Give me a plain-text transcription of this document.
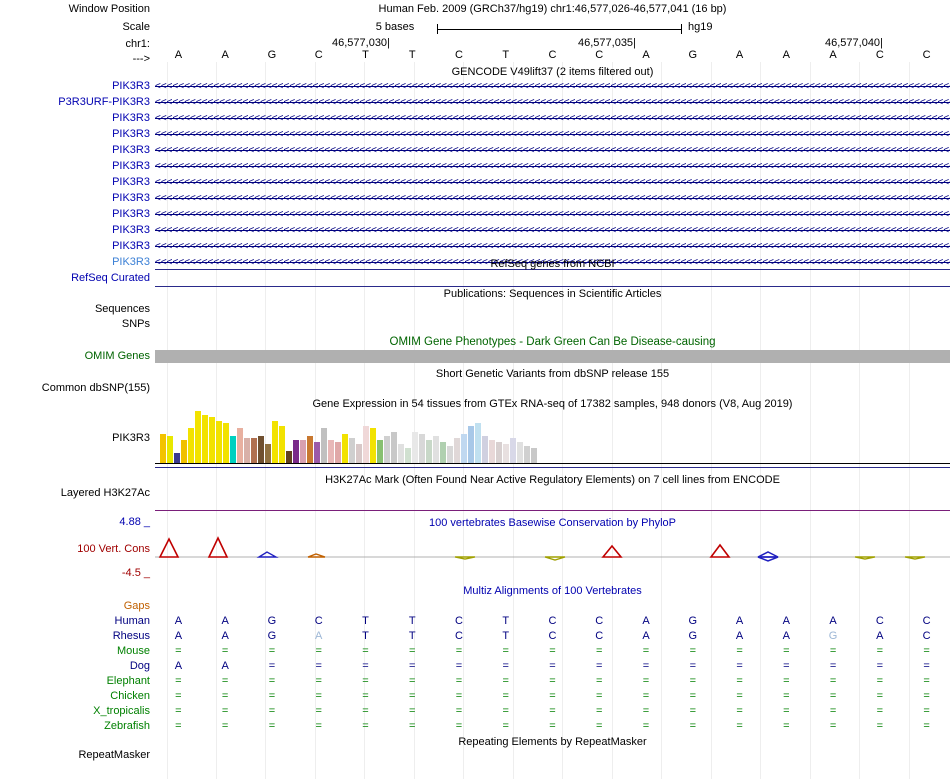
Window Position
Scale
chr1:
--->
Human Feb. 2009 (GRCh37/hg19) chr1:46,577,026-46,577,041 (16 bp)
5 bases	hg19
46,577,030|	46,577,035|	46,577,040|
A	A	G	C	T	T	C	T	C	C	A	G	A	A	A	C	C
GENCODE V49lift37 (2 items filtered out)
PIK3R3
P3R3URF-PIK3R3
PIK3R3
PIK3R3
PIK3R3
PIK3R3
PIK3R3
PIK3R3
PIK3R3
PIK3R3
PIK3R3
PIK3R3
RefSeq Curated
RefSeq genes from NCBI
Publications: Sequences in Scientific Articles
Sequences
SNPs
OMIM Gene Phenotypes - Dark Green Can Be Disease-causing
OMIM Genes
Short Genetic Variants from dbSNP release 155
Common dbSNP(155)
Gene Expression in 54 tissues from GTEx RNA-seq of 17382 samples, 948 donors (V8, Aug 2019)
PIK3R3
H3K27Ac Mark (Often Found Near Active Regulatory Elements) on 7 cell lines from ENCODE
Layered H3K27Ac
4.88 _	100 vertebrates Basewise Conservation by PhyloP
100 Vert. Cons
-4.5 _
Multiz Alignments of 100 Vertebrates
Gaps
Human	A	A	G	C	T	T	C	T	C	C	A	G	A	A	A	C	C
Rhesus	A	A	G	A	T	T	C	T	C	C	A	G	A	A	G	A	C
Mouse	=	=	=	=	=	=	=	=	=	=	=	=	=	=	=	=	=
Dog	A	A	=	=	=	=	=	=	=	=	=	=	=	=	=	=	=
Elephant	=	=	=	=	=	=	=	=	=	=	=	=	=	=	=	=	=
Chicken	=	=	=	=	=	=	=	=	=	=	=	=	=	=	=	=	=
X_tropicalis	=	=	=	=	=	=	=	=	=	=	=	=	=	=	=	=	=
Zebrafish	=	=	=	=	=	=	=	=	=	=	=	=	=	=	=	=	=
Repeating Elements by RepeatMasker
RepeatMasker
